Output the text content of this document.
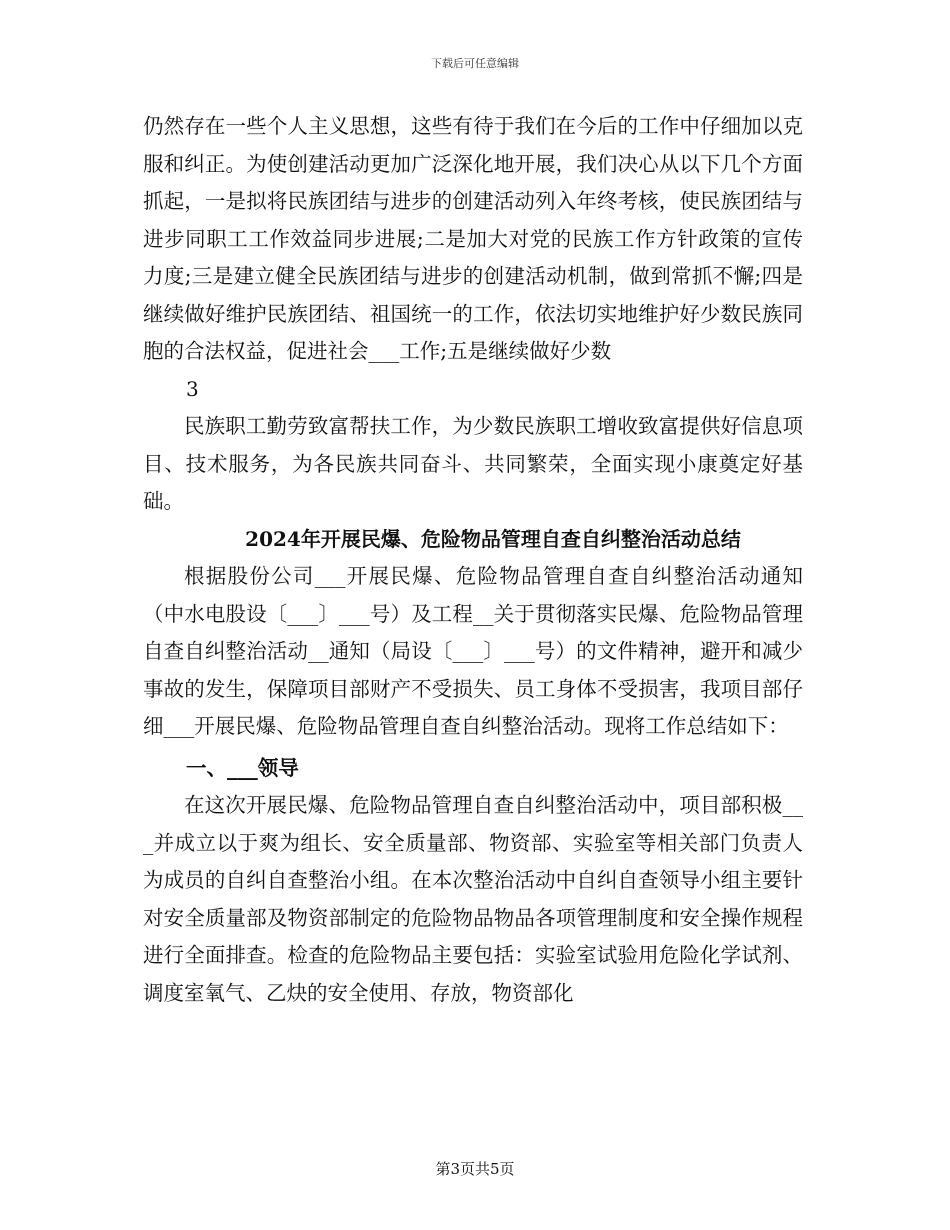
下载后可任意编辑

仍然存在一些个人主义思想，这些有待于我们在今后的工作中仔细加以克服和纠正。为使创建活动更加广泛深化地开展，我们决心从以下几个方面抓起，一是拟将民族团结与进步的创建活动列入年终考核，使民族团结与进步同职工工作效益同步进展;二是加大对党的民族工作方针政策的宣传力度;三是建立健全民族团结与进步的创建活动机制，做到常抓不懈;四是继续做好维护民族团结、祖国统一的工作，依法切实地维护好少数民族同胞的合法权益，促进社会___工作;五是继续做好少数

3

民族职工勤劳致富帮扶工作，为少数民族职工增收致富提供好信息项目、技术服务，为各民族共同奋斗、共同繁荣，全面实现小康奠定好基础。

2024年开展民爆、危险物品管理自查自纠整治活动总结

根据股份公司___开展民爆、危险物品管理自查自纠整治活动通知（中水电股设〔___〕___号）及工程__关于贯彻落实民爆、危险物品管理自查自纠整治活动__通知（局设〔___〕___号）的文件精神，避开和减少事故的发生，保障项目部财产不受损失、员工身体不受损害，我项目部仔细___开展民爆、危险物品管理自查自纠整治活动。现将工作总结如下：

一、___领导

在这次开展民爆、危险物品管理自查自纠整治活动中，项目部积极___并成立以于爽为组长、安全质量部、物资部、实验室等相关部门负责人为成员的自纠自查整治小组。在本次整治活动中自纠自查领导小组主要针对安全质量部及物资部制定的危险物品物品各项管理制度和安全操作规程进行全面排查。检查的危险物品主要包括：实验室试验用危险化学试剂、调度室氧气、乙炔的安全使用、存放，物资部化

第3页共5页
